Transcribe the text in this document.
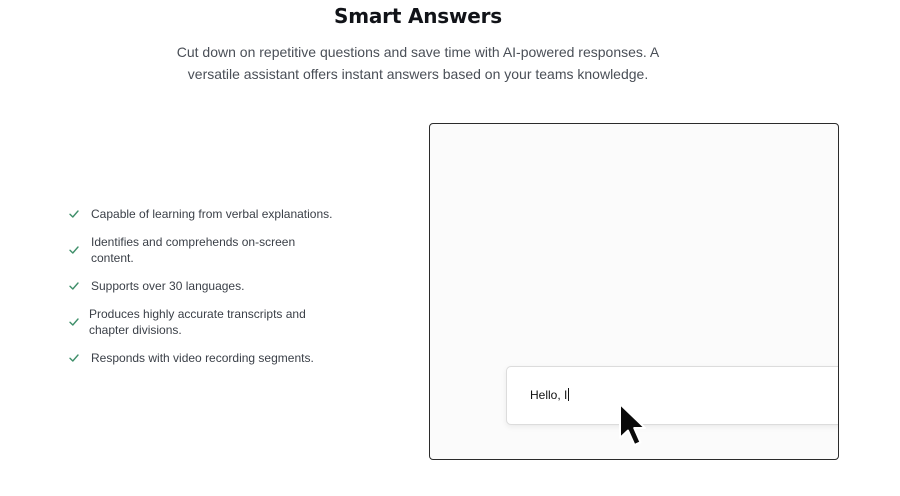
Smart Answers
Cut down on repetitive questions and save time with AI-powered responses. A
versatile assistant offers instant answers based on your teams knowledge.
Capable of learning from verbal explanations.
Identifies and comprehends on-screen
content.
Supports over 30 languages.
Produces highly accurate transcripts and
chapter divisions.
Responds with video recording segments.
Hello, I
